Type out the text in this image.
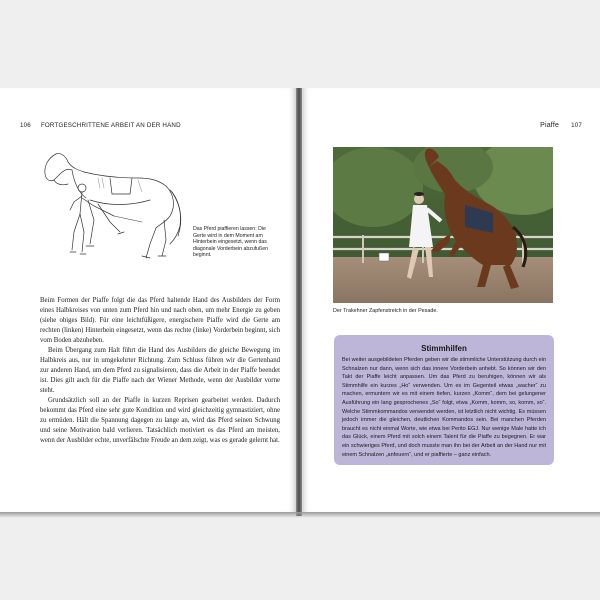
106 FORTGESCHRITTENE ARBEIT AN DER HAND

Das Pferd piaffieren lassen: Die Gerte wird in dem Moment am Hinterbein eingesetzt, wenn das diagonale Vorderbein abzufußen beginnt.

Beim Formen der Piaffe folgt die das Pferd haltende Hand des Ausbilders der Form eines Halbkreises von unten zum Pferd hin und nach oben, um mehr Energie zu geben (siehe obiges Bild). Für eine leichtfüßigere, energischere Piaffe wird die Gerte am rechten (linken) Hinterbein eingesetzt, wenn das rechte (linke) Vorderbein beginnt, sich vom Boden abzuheben.

Beim Übergang zum Halt führt die Hand des Ausbilders die gleiche Bewegung im Halbkreis aus, nur in umgekehrter Richtung. Zum Schluss führen wir die Gertenhand zur anderen Hand, um dem Pferd zu signalisieren, dass die Arbeit in der Piaffe beendet ist. Dies gilt auch für die Piaffe nach der Wiener Methode, wenn der Ausbilder vorne steht.

Grundsätzlich soll an der Piaffe in kurzen Reprisen gearbeitet werden. Dadurch bekommt das Pferd eine sehr gute Kondition und wird gleichzeitig gymnastiziert, ohne zu ermüden. Hält die Spannung dagegen zu lange an, wird das Pferd seinen Schwung und seine Motivation bald verlieren. Tatsächlich motiviert es das Pferd am meisten, wenn der Ausbilder echte, unverfälschte Freude an dem zeigt, was es gerade gelernt hat.

Piaffe 107

Der Trakehner Zapfenstreich in der Pesade.

Stimmhilfen

Bei weiter ausgebildeten Pferden geben wir die stimmliche Unterstützung durch ein Schnalzen nur dann, wenn sich das innere Vorderbein anhebt. So können wir den Takt der Piaffe leicht anpassen. Um das Pferd zu beruhigen, können wir als Stimmhilfe ein kurzes „Ho“ verwenden. Um es im Gegenteil etwas „wacher“ zu machen, ermuntern wir es mit einem tiefen, kurzen „Komm“, dem bei gelungener Ausführung ein lang gesprochenes „So“ folgt, etwa „Komm, komm, so, komm, so“. Welche Stimmkommandos verwendet werden, ist letztlich nicht wichtig. Es müssen jedoch immer die gleichen, deutlichen Kommandos sein. Bei manchen Pferden braucht es nicht einmal Worte, wie etwa bei Perito EGJ. Nur wenige Male hatte ich das Glück, einem Pferd mit solch einem Talent für die Piaffe zu begegnen. Er war ein schwieriges Pferd, und doch musste man ihn bei der Arbeit an der Hand nur mit einem Schnalzen „anfeuern“, und er piaffierte – ganz einfach.
